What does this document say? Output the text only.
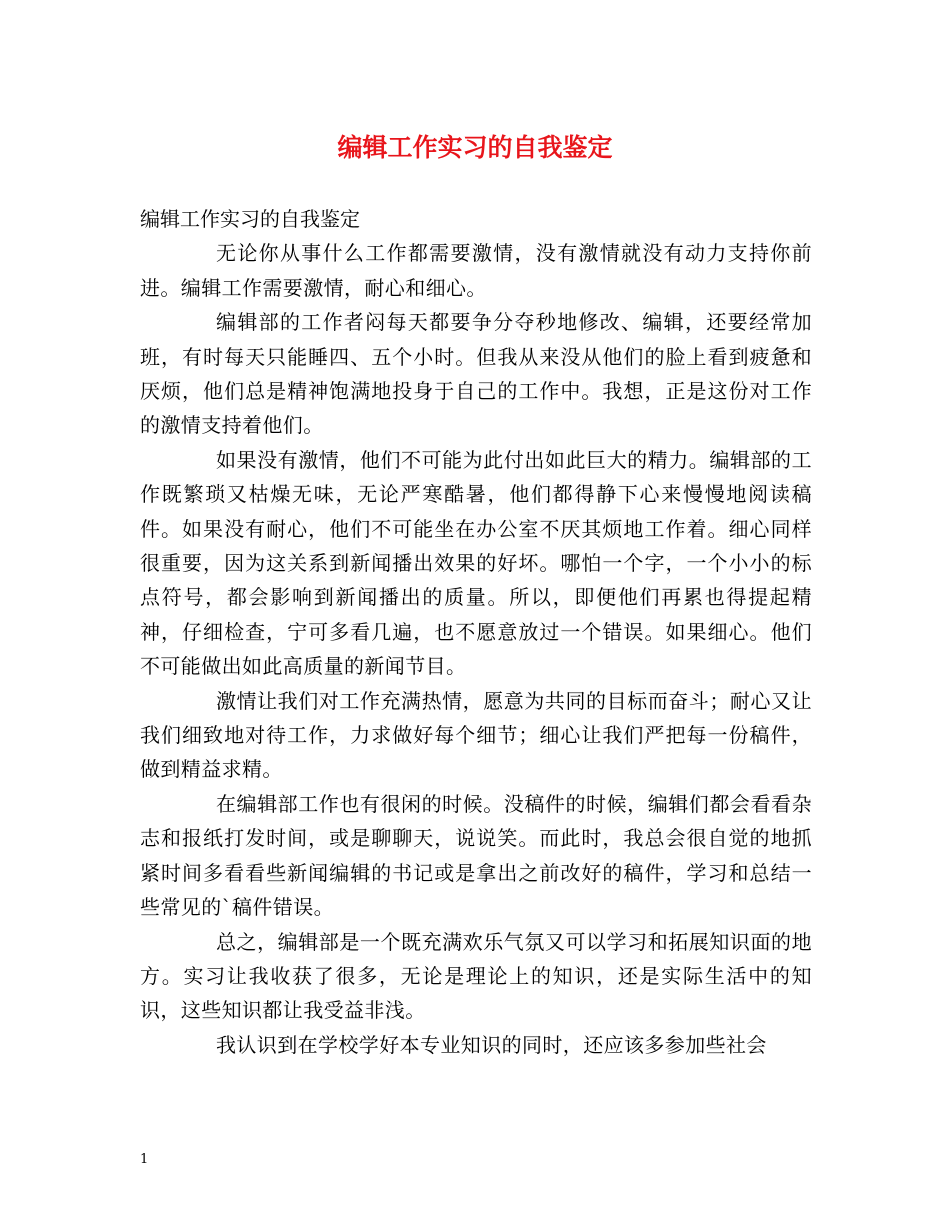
编辑工作实习的自我鉴定

编辑工作实习的自我鉴定

无论你从事什么工作都需要激情，没有激情就没有动力支持你前进。编辑工作需要激情，耐心和细心。

编辑部的工作者闷每天都要争分夺秒地修改、编辑，还要经常加班，有时每天只能睡四、五个小时。但我从来没从他们的脸上看到疲惫和厌烦，他们总是精神饱满地投身于自己的工作中。我想，正是这份对工作的激情支持着他们。

如果没有激情，他们不可能为此付出如此巨大的精力。编辑部的工作既繁琐又枯燥无味，无论严寒酷暑，他们都得静下心来慢慢地阅读稿件。如果没有耐心，他们不可能坐在办公室不厌其烦地工作着。细心同样很重要，因为这关系到新闻播出效果的好坏。哪怕一个字，一个小小的标点符号，都会影响到新闻播出的质量。所以，即便他们再累也得提起精神，仔细检查，宁可多看几遍，也不愿意放过一个错误。如果细心。他们不可能做出如此高质量的新闻节目。

激情让我们对工作充满热情，愿意为共同的目标而奋斗；耐心又让我们细致地对待工作，力求做好每个细节；细心让我们严把每一份稿件，做到精益求精。

在编辑部工作也有很闲的时候。没稿件的时候，编辑们都会看看杂志和报纸打发时间，或是聊聊天，说说笑。而此时，我总会很自觉的地抓紧时间多看看些新闻编辑的书记或是拿出之前改好的稿件，学习和总结一些常见的`稿件错误。

总之，编辑部是一个既充满欢乐气氛又可以学习和拓展知识面的地方。实习让我收获了很多，无论是理论上的知识，还是实际生活中的知识，这些知识都让我受益非浅。

我认识到在学校学好本专业知识的同时，还应该多参加些社会

1
